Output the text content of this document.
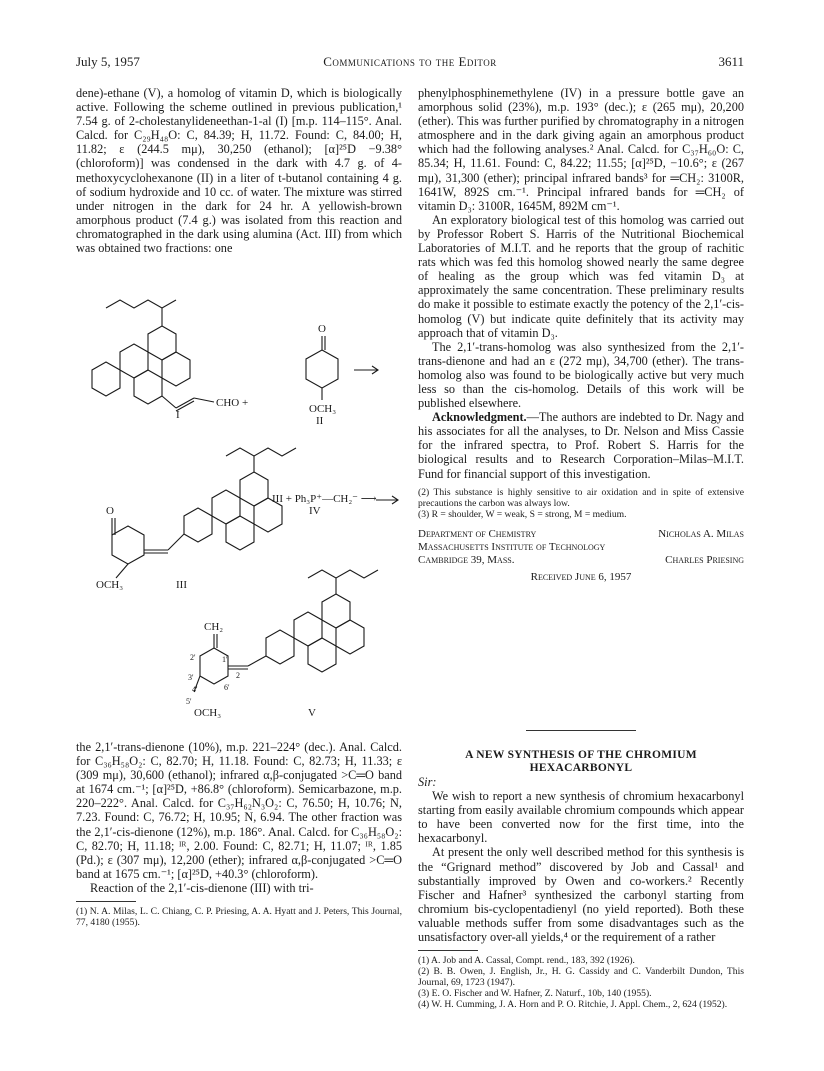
July 5, 1957	Communications to the Editor	3611

dene)-ethane (V), a homolog of vitamin D, which is biologically active. Following the scheme outlined in previous publication,¹ 7.54 g. of 2-cholestanylideneethan-1-al (I) [m.p. 114–115°. Anal. Calcd. for C₂₉H₄₈O: C, 84.39; H, 11.72. Found: C, 84.00; H, 11.82; ε (244.5 mμ), 30,250 (ethanol); [α]²⁵D −9.38° (chloroform)] was condensed in the dark with 4.7 g. of 4-methoxycyclohexanone (II) in a liter of t-butanol containing 4 g. of sodium hydroxide and 10 cc. of water. The mixture was stirred under nitrogen in the dark for 24 hr. A yellowish-brown amorphous product (7.4 g.) was isolated from this reaction and chromatographed in the dark using alumina (Act. III) from which was obtained two fractions: one

CHO +
O
OCH₃
I	II
III + Ph₃P⁺—CH₂⁻ ⟶
IV
O
OCH₃	III
CH₂
2'	1'
2
3'
4'
5'
6'
OCH₃	V

the 2,1′-trans-dienone (10%), m.p. 221–224° (dec.). Anal. Calcd. for C₃₆H₅₈O₂: C, 82.70; H, 11.18. Found: C, 82.73; H, 11.33; ε (309 mμ), 30,600 (ethanol); infrared α,β-conjugated >C═O band at 1674 cm.⁻¹; [α]²⁵D, +86.8° (chloroform). Semicarbazone, m.p. 220–222°. Anal. Calcd. for C₃₇H₆₂N₃O₂: C, 76.50; H, 10.76; N, 7.23. Found: C, 76.72; H, 10.95; N, 6.94. The other fraction was the 2,1′-cis-dienone (12%), m.p. 186°. Anal. Calcd. for C₃₆H₅₈O₂: C, 82.70; H, 11.18; ᴵᴿ, 2.00. Found: C, 82.71; H, 11.07; ᴵᴿ, 1.85 (Pd.); ε (307 mμ), 12,200 (ether); infrared α,β-conjugated >C═O band at 1675 cm.⁻¹; [α]²⁵D, +40.3° (chloroform).

Reaction of the 2,1′-cis-dienone (III) with tri-

(1) N. A. Milas, L. C. Chiang, C. P. Priesing, A. A. Hyatt and J. Peters, This Journal, 77, 4180 (1955).

phenylphosphinemethylene (IV) in a pressure bottle gave an amorphous solid (23%), m.p. 193° (dec.); ε (265 mμ), 20,200 (ether). This was further purified by chromatography in a nitrogen atmosphere and in the dark giving again an amorphous product which had the following analyses.² Anal. Calcd. for C₃₇H₆₀O: C, 85.34; H, 11.61. Found: C, 84.22; 11.55; [α]²⁵D, −10.6°; ε (267 mμ), 31,300 (ether); principal infrared bands³ for ═CH₂: 3100R, 1641W, 892S cm.⁻¹. Principal infrared bands for ═CH₂ of vitamin D₃: 3100R, 1645M, 892M cm⁻¹.

An exploratory biological test of this homolog was carried out by Professor Robert S. Harris of the Nutritional Biochemical Laboratories of M.I.T. and he reports that the group of rachitic rats which was fed this homolog showed nearly the same degree of healing as the group which was fed vitamin D₃ at approximately the same concentration. These preliminary results do make it possible to estimate exactly the potency of the 2,1′-cis-homolog (V) but indicate quite definitely that its activity may approach that of vitamin D₃.

The 2,1′-trans-homolog was also synthesized from the 2,1′-trans-dienone and had an ε (272 mμ), 34,700 (ether). The trans-homolog also was found to be biologically active but very much less so than the cis-homolog. Details of this work will be published elsewhere.

Acknowledgment.—The authors are indebted to Dr. Nagy and his associates for all the analyses, to Dr. Nelson and Miss Cassie for the infrared spectra, to Prof. Robert S. Harris for the biological results and to Research Corporation–Milas–M.I.T. Fund for financial support of this investigation.

(2) This substance is highly sensitive to air oxidation and in spite of extensive precautions the carbon was always low.

(3) R = shoulder, W = weak, S = strong, M = medium.

Department of Chemistry	Nicholas A. Milas
Massachusetts Institute of Technology
Cambridge 39, Mass.	Charles Priesing
Received June 6, 1957
A NEW SYNTHESIS OF THE CHROMIUM
HEXACARBONYL

Sir:

We wish to report a new synthesis of chromium hexacarbonyl starting from easily available chromium compounds which appear to have been converted now for the first time, into the hexacarbonyl.

At present the only well described method for this synthesis is the “Grignard method” discovered by Job and Cassal¹ and substantially improved by Owen and co-workers.² Recently Fischer and Hafner³ synthesized the carbonyl starting from chromium bis-cyclopentadienyl (no yield reported). Both these valuable methods suffer from some disadvantages such as the unsatisfactory over-all yields,⁴ or the requirement of a rather

(1) A. Job and A. Cassal, Compt. rend., 183, 392 (1926).

(2) B. B. Owen, J. English, Jr., H. G. Cassidy and C. Vanderbilt Dundon, This Journal, 69, 1723 (1947).

(3) E. O. Fischer and W. Hafner, Z. Naturf., 10b, 140 (1955).

(4) W. H. Cumming, J. A. Horn and P. O. Ritchie, J. Appl. Chem., 2, 624 (1952).
